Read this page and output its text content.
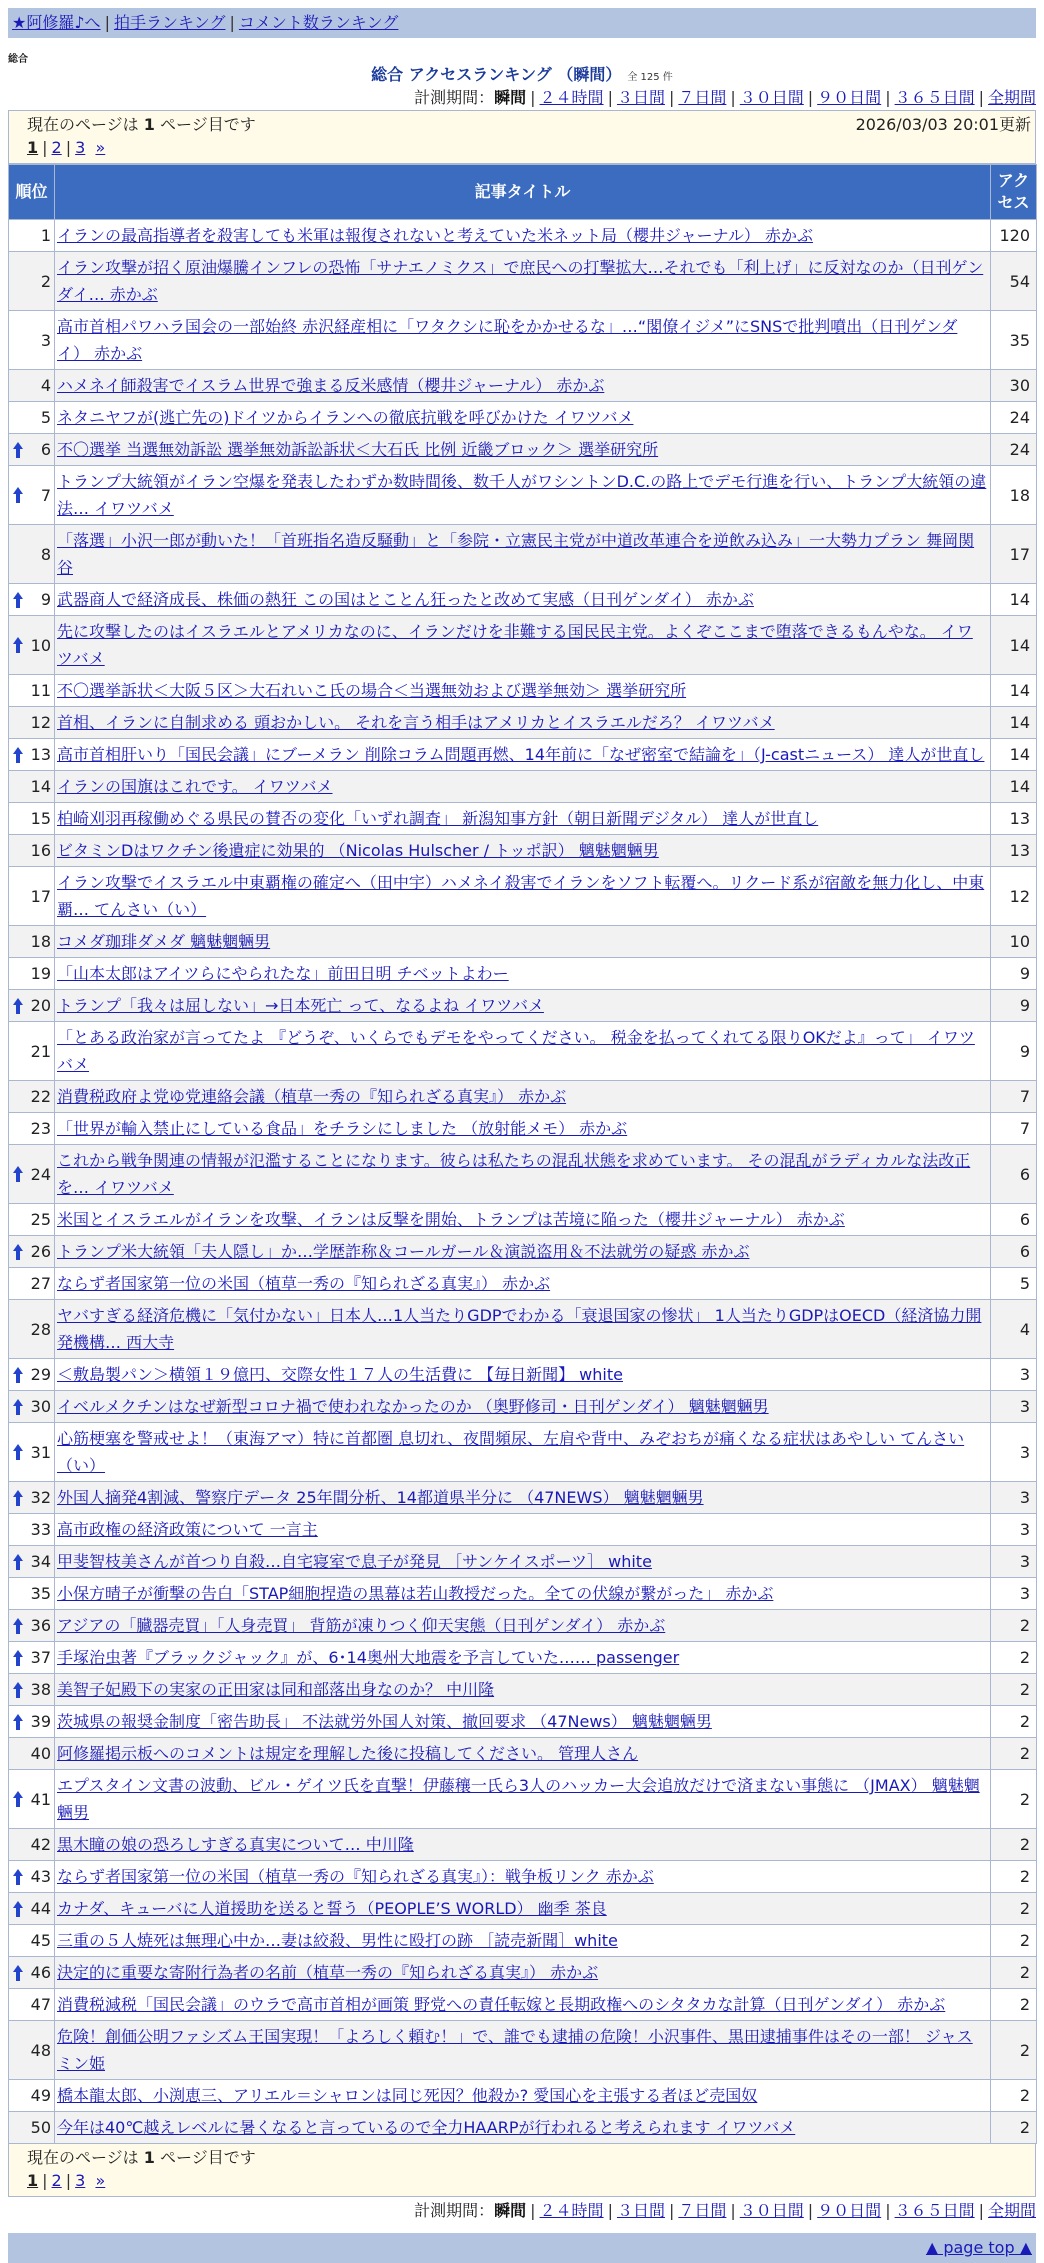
★阿修羅♪へ | 拍手ランキング | コメント数ランキング
総合
総合 アクセスランキング （瞬間） 全 125 件
計測期間：瞬間 | ２４時間 | ３日間 | ７日間 | ３０日間 | ９０日間 | ３６５日間 | 全期間
現在のページは 1 ページ目です	2026/03/03 20:01更新
1 | 2 | 3 »
順位	記事タイトル	アクセス
1	イランの最高指導者を殺害しても米軍は報復されないと考えていた米ネット局（櫻井ジャーナル） 赤かぶ	120
2	イラン攻撃が招く原油爆騰インフレの恐怖「サナエノミクス」で庶民への打撃拡大…それでも「利上げ」に反対なのか（日刊ゲンダイ… 赤かぶ	54
3	高市首相パワハラ国会の一部始終 赤沢経産相に「ワタクシに恥をかかせるな」…“閣僚イジメ”にSNSで批判噴出（日刊ゲンダイ） 赤かぶ	35
4	ハメネイ師殺害でイスラム世界で強まる反米感情（櫻井ジャーナル） 赤かぶ	30
5	ネタニヤフが(逃亡先の)ドイツからイランへの徹底抗戦を呼びかけた イワツバメ	24

6	不〇選挙 当選無効訴訟 選挙無効訴訟訴状＜大石氏 比例 近畿ブロック＞ 選挙研究所	24

7	トランプ大統領がイラン空爆を発表したわずか数時間後、数千人がワシントンD.C.の路上でデモ行進を行い、トランプ大統領の違法… イワツバメ	18
8	「落選」小沢一郎が動いた！「首班指名造反騒動」と「参院・立憲民主党が中道改革連合を逆飲み込み」一大勢力プラン 舞岡関谷	17

9	武器商人で経済成長、株価の熱狂 この国はとことん狂ったと改めて実感（日刊ゲンダイ） 赤かぶ	14

10	先に攻撃したのはイスラエルとアメリカなのに、イランだけを非難する国民民主党。よくぞここまで堕落できるもんやな。 イワツバメ	14
11	不〇選挙訴状＜大阪５区＞大石れいこ氏の場合＜当選無効および選挙無効＞ 選挙研究所	14
12	首相、イランに自制求める 頭おかしい。 それを言う相手はアメリカとイスラエルだろ？ イワツバメ	14

13	高市首相肝いり「国民会議」にブーメラン 削除コラム問題再燃、14年前に「なぜ密室で結論を」（J-castニュース） 達人が世直し	14
14	イランの国旗はこれです。 イワツバメ	14
15	柏崎刈羽再稼働めぐる県民の賛否の変化「いずれ調査」 新潟知事方針（朝日新聞デジタル） 達人が世直し	13
16	ビタミンDはワクチン後遺症に効果的 （Nicolas Hulscher / トッポ訳） 魑魅魍魎男	13
17	イラン攻撃でイスラエル中東覇権の確定へ（田中宇）ハメネイ殺害でイランをソフト転覆へ。リクード系が宿敵を無力化し、中東覇… てんさい（い）	12
18	コメダ珈琲ダメダ 魑魅魍魎男	10
19	「山本太郎はアイツらにやられたな」前田日明 チベットよわー	9

20	トランプ「我々は屈しない」→日本死亡 って、なるよね イワツバメ	9
21	「とある政治家が言ってたよ 『どうぞ、いくらでもデモをやってください。 税金を払ってくれてる限りOKだよ』って」 イワツバメ	9
22	消費税政府よ党ゆ党連絡会議（植草一秀の『知られざる真実』） 赤かぶ	7
23	「世界が輸入禁止にしている食品」をチラシにしました （放射能メモ） 赤かぶ	7

24	これから戦争関連の情報が氾濫することになります。彼らは私たちの混乱状態を求めています。 その混乱がラディカルな法改正を… イワツバメ	6
25	米国とイスラエルがイランを攻撃、イランは反撃を開始、トランプは苦境に陥った（櫻井ジャーナル） 赤かぶ	6

26	トランプ米大統領「夫人隠し」か…学歴詐称＆コールガール＆演説盗用＆不法就労の疑惑 赤かぶ	6
27	ならず者国家第一位の米国（植草一秀の『知られざる真実』） 赤かぶ	5
28	ヤバすぎる経済危機に「気付かない」日本人…1人当たりGDPでわかる「衰退国家の惨状」 1人当たりGDPはOECD（経済協力開発機構… 西大寺	4

29	＜敷島製パン＞横領１９億円、交際女性１７人の生活費に 【毎日新聞】 white	3

30	イベルメクチンはなぜ新型コロナ禍で使われなかったのか （奥野修司・日刊ゲンダイ） 魑魅魍魎男	3

31	心筋梗塞を警戒せよ！（東海アマ）特に首都圏 息切れ、夜間頻尿、左肩や背中、みぞおちが痛くなる症状はあやしい てんさい（い）	3

32	外国人摘発4割減、警察庁データ 25年間分析、14都道県半分に （47NEWS） 魑魅魍魎男	3
33	高市政権の経済政策について 一言主	3

34	甲斐智枝美さんが首つり自殺…自宅寝室で息子が発見 ［サンケイスポーツ］ white	3
35	小保方晴子が衝撃の告白「STAP細胞捏造の黒幕は若山教授だった。全ての伏線が繋がった」 赤かぶ	3

36	アジアの「臓器売買」「人身売買」 背筋が凍りつく仰天実態（日刊ゲンダイ） 赤かぶ	2

37	手塚治虫著『ブラックジャック』が、6･14奥州大地震を予言していた…… passenger	2

38	美智子妃殿下の実家の正田家は同和部落出身なのか？ 中川隆	2

39	茨城県の報奨金制度「密告助長」 不法就労外国人対策、撤回要求 （47News） 魑魅魍魎男	2
40	阿修羅掲示板へのコメントは規定を理解した後に投稿してください。 管理人さん	2

41	エプスタイン文書の波動、ビル・ゲイツ氏を直撃！伊藤穰一氏ら3人のハッカー大会追放だけで済まない事態に （JMAX） 魑魅魍魎男	2
42	黒木瞳の娘の恐ろしすぎる真実について… 中川隆	2

43	ならず者国家第一位の米国（植草一秀の『知られざる真実』）：戦争板リンク 赤かぶ	2

44	カナダ、キューバに人道援助を送ると誓う（PEOPLE’S WORLD） 幽季 茶良	2
45	三重の５人焼死は無理心中か…妻は絞殺、男性に殴打の跡 ［読売新聞］white	2

46	決定的に重要な寄附行為者の名前（植草一秀の『知られざる真実』） 赤かぶ	2
47	消費税減税「国民会議」のウラで高市首相が画策 野党への責任転嫁と長期政権へのシタタカな計算（日刊ゲンダイ） 赤かぶ	2
48	危険！創価公明ファシズム王国実現！「よろしく頼む！」で、誰でも逮捕の危険！小沢事件、黒田逮捕事件はその一部！ ジャスミン姫	2
49	橋本龍太郎、小渕恵三、アリエル＝シャロンは同じ死因？他殺か? 愛国心を主張する者ほど売国奴	2
50	今年は40℃越えレベルに暑くなると言っているので全力HAARPが行われると考えられます イワツバメ	2
現在のページは 1 ページ目です
1 | 2 | 3 »
計測期間：瞬間 | ２４時間 | ３日間 | ７日間 | ３０日間 | ９０日間 | ３６５日間 | 全期間
▲ page top ▲
